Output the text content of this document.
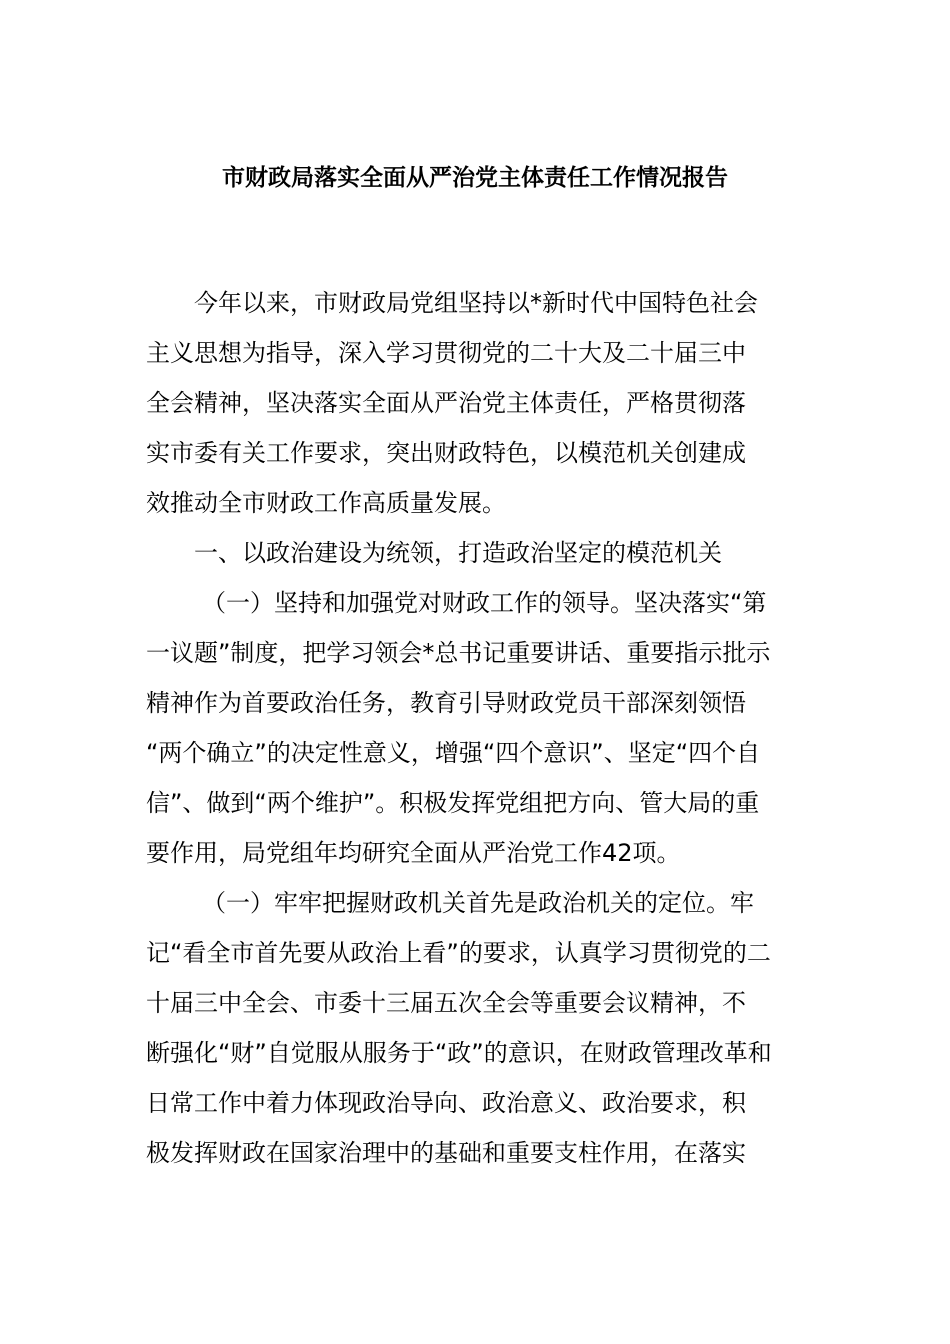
市财政局落实全面从严治党主体责任工作情况报告
今年以来，市财政局党组坚持以*新时代中国特色社会
主义思想为指导，深入学习贯彻党的二十大及二十届三中
全会精神，坚决落实全面从严治党主体责任，严格贯彻落
实市委有关工作要求，突出财政特色，以模范机关创建成
效推动全市财政工作高质量发展。
一、以政治建设为统领，打造政治坚定的模范机关
（一）坚持和加强党对财政工作的领导。坚决落实“第
一议题”制度，把学习领会*总书记重要讲话、重要指示批示
精神作为首要政治任务，教育引导财政党员干部深刻领悟
“两个确立”的决定性意义，增强“四个意识”、坚定“四个自
信”、做到“两个维护”。积极发挥党组把方向、管大局的重
要作用，局党组年均研究全面从严治党工作42项。
（一）牢牢把握财政机关首先是政治机关的定位。牢
记“看全市首先要从政治上看”的要求，认真学习贯彻党的二
十届三中全会、市委十三届五次全会等重要会议精神，不
断强化“财”自觉服从服务于“政”的意识，在财政管理改革和
日常工作中着力体现政治导向、政治意义、政治要求，积
极发挥财政在国家治理中的基础和重要支柱作用，在落实
